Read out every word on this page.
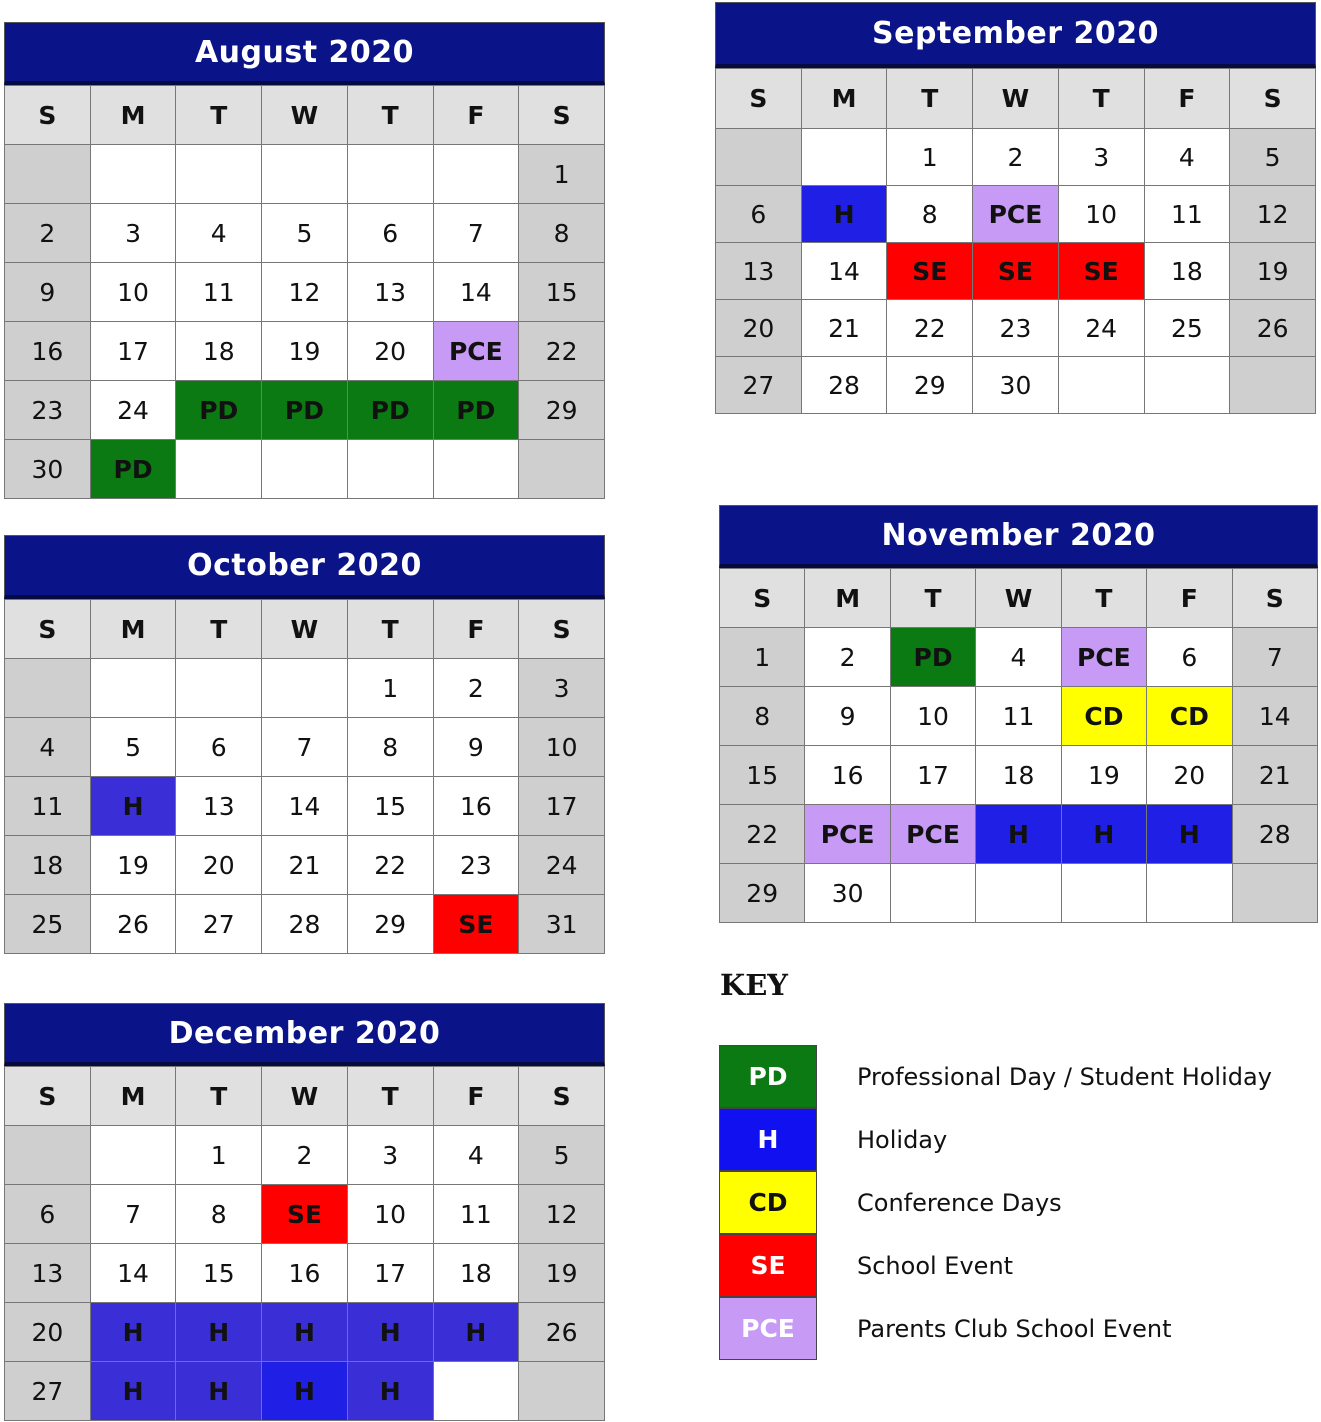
August 2020
S	M	T	W	T	F	S
						1
2	3	4	5	6	7	8
9	10	11	12	13	14	15
16	17	18	19	20	PCE	22
23	24	PD	PD	PD	PD	29
30	PD					
September 2020
S	M	T	W	T	F	S
		1	2	3	4	5
6	H	8	PCE	10	11	12
13	14	SE	SE	SE	18	19
20	21	22	23	24	25	26
27	28	29	30			
October 2020
S	M	T	W	T	F	S
				1	2	3
4	5	6	7	8	9	10
11	H	13	14	15	16	17
18	19	20	21	22	23	24
25	26	27	28	29	SE	31
November 2020
S	M	T	W	T	F	S
1	2	PD	4	PCE	6	7
8	9	10	11	CD	CD	14
15	16	17	18	19	20	21
22	PCE	PCE	H	H	H	28
29	30					
December 2020
S	M	T	W	T	F	S
		1	2	3	4	5
6	7	8	SE	10	11	12
13	14	15	16	17	18	19
20	H	H	H	H	H	26
27	H	H	H	H		
KEY
PD	Professional Day / Student Holiday
H	Holiday
CD	Conference Days
SE	School Event
PCE	Parents Club School Event
